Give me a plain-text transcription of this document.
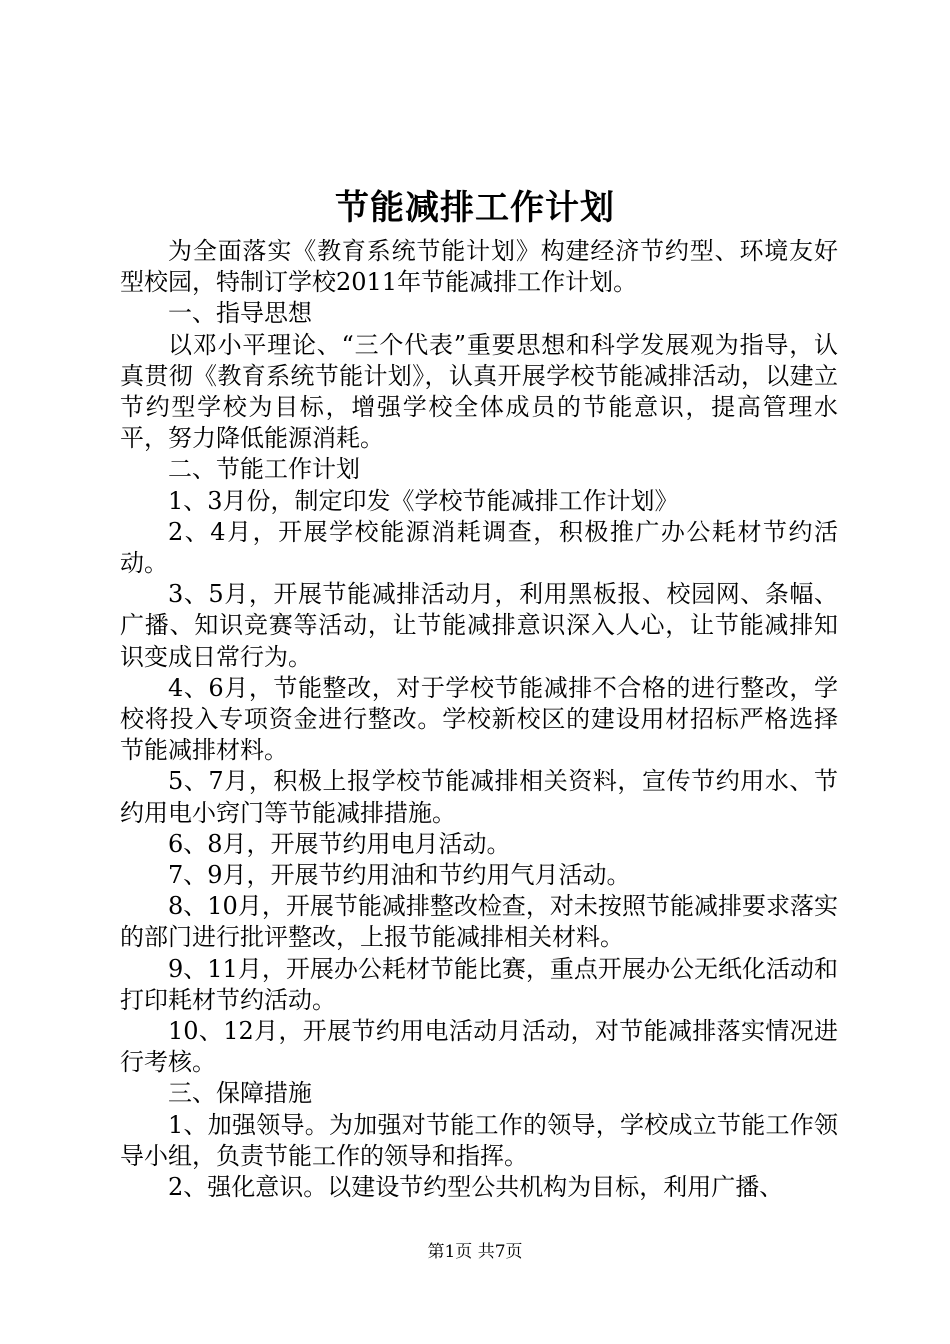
节能减排工作计划

为全面落实《教育系统节能计划》构建经济节约型、环境友好型校园，特制订学校2011年节能减排工作计划。

一、指导思想

以邓小平理论、“三个代表”重要思想和科学发展观为指导，认真贯彻《教育系统节能计划》，认真开展学校节能减排活动，以建立节约型学校为目标，增强学校全体成员的节能意识，提高管理水平，努力降低能源消耗。

二、节能工作计划

1、3月份，制定印发《学校节能减排工作计划》

2、4月，开展学校能源消耗调查，积极推广办公耗材节约活动。

3、5月，开展节能减排活动月，利用黑板报、校园网、条幅、广播、知识竞赛等活动，让节能减排意识深入人心，让节能减排知识变成日常行为。

4、6月，节能整改，对于学校节能减排不合格的进行整改，学校将投入专项资金进行整改。学校新校区的建设用材招标严格选择节能减排材料。

5、7月，积极上报学校节能减排相关资料，宣传节约用水、节约用电小窍门等节能减排措施。

6、8月，开展节约用电月活动。

7、9月，开展节约用油和节约用气月活动。

8、10月，开展节能减排整改检查，对未按照节能减排要求落实的部门进行批评整改，上报节能减排相关材料。

9、11月，开展办公耗材节能比赛，重点开展办公无纸化活动和打印耗材节约活动。

10、12月，开展节约用电活动月活动，对节能减排落实情况进行考核。

三、保障措施

1、加强领导。为加强对节能工作的领导，学校成立节能工作领导小组，负责节能工作的领导和指挥。

2、强化意识。以建设节约型公共机构为目标，利用广播、

第1页 共7页
